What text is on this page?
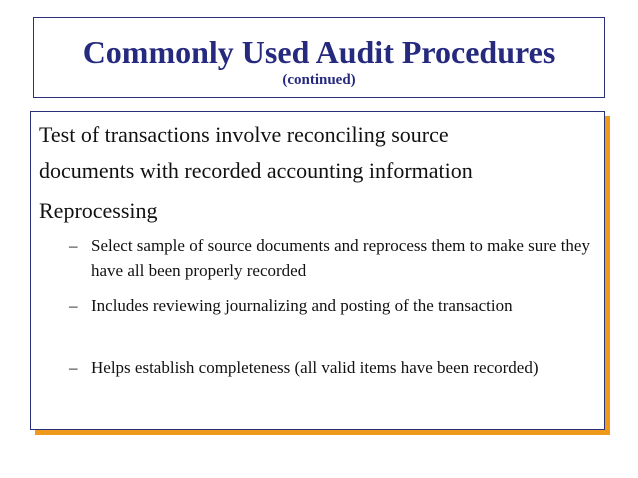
Commonly Used Audit Procedures
(continued)
Test of transactions involve reconciling source
documents with recorded accounting information
Reprocessing
– Select sample of source documents and reprocess them to make sure they have all been properly recorded
– Includes reviewing journalizing and posting of the transaction
– Helps establish completeness (all valid items have been recorded)
